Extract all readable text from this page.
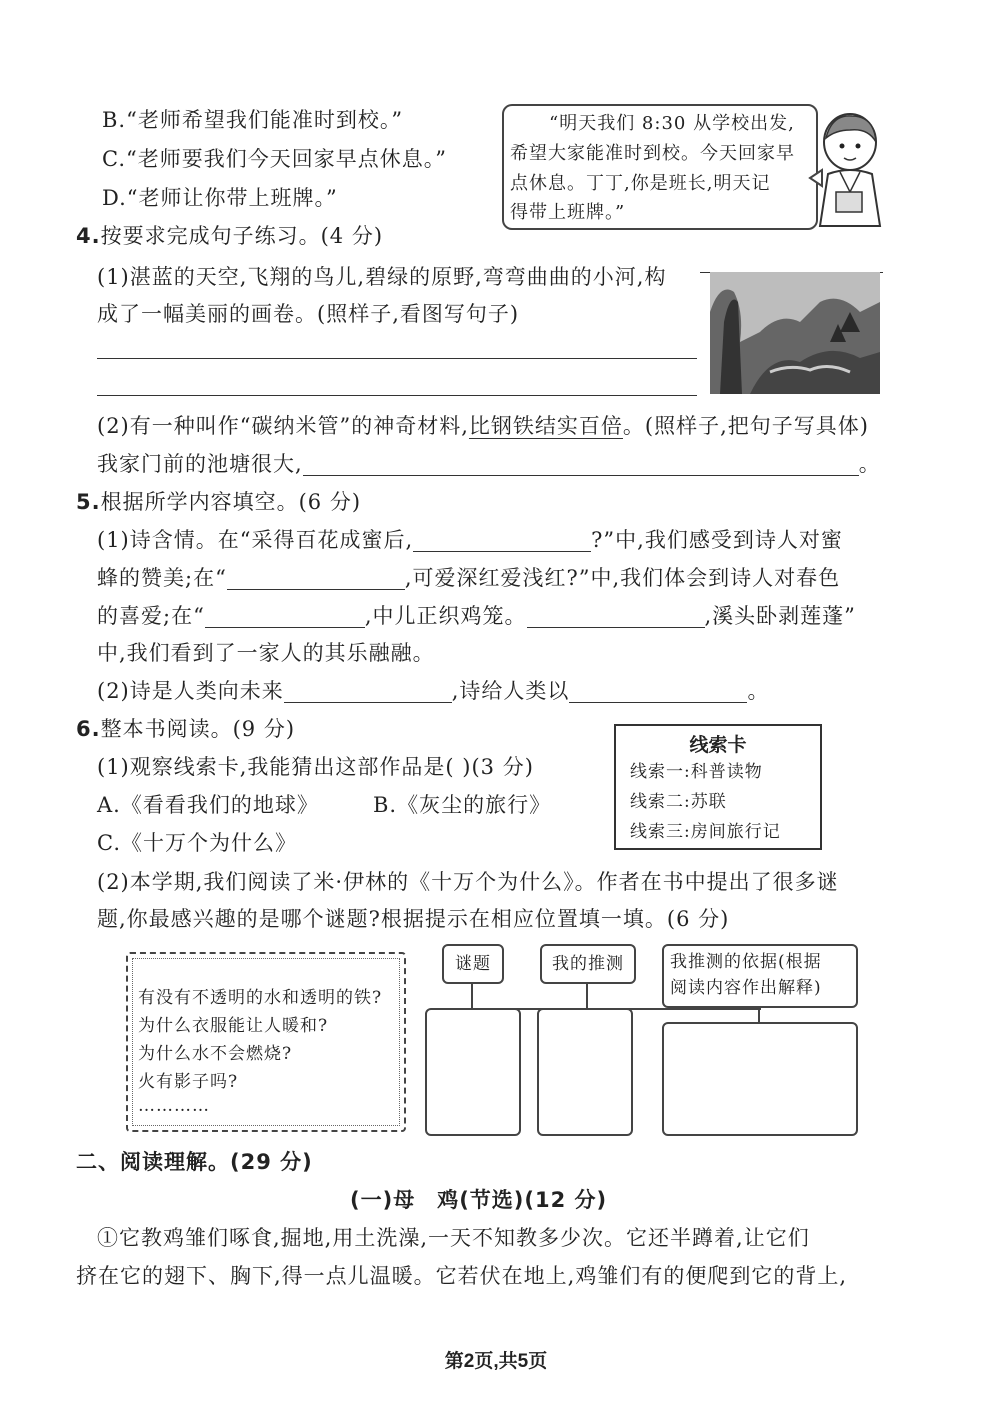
B.“老师希望我们能准时到校。”
C.“老师要我们今天回家早点休息。”
D.“老师让你带上班牌。”
“明天我们 8:30 从学校出发,
希望大家能准时到校。今天回家早
点休息。丁丁,你是班长,明天记
得带上班牌。”
4.按要求完成句子练习。(4 分)
(1)湛蓝的天空,飞翔的鸟儿,碧绿的原野,弯弯曲曲的小河,构
成了一幅美丽的画卷。(照样子,看图写句子)
(2)有一种叫作“碳纳米管”的神奇材料,比钢铁结实百倍。(照样子,把句子写具体)
我家门前的池塘很大,	。
5.根据所学内容填空。(6 分)
(1)诗含情。在“采得百花成蜜后,	?”中,我们感受到诗人对蜜
蜂的赞美;在“	,可爱深红爱浅红?”中,我们体会到诗人对春色
的喜爱;在“	,中儿正织鸡笼。	,溪头卧剥莲蓬”
中,我们看到了一家人的其乐融融。
(2)诗是人类向未来	,诗给人类以	。
6.整本书阅读。(9 分)
(1)观察线索卡,我能猜出这部作品是( )(3 分)
A.《看看我们的地球》	B.《灰尘的旅行》
C.《十万个为什么》
线索卡
线索一:科普读物
线索二:苏联
线索三:房间旅行记
(2)本学期,我们阅读了米·伊林的《十万个为什么》。作者在书中提出了很多谜
题,你最感兴趣的是哪个谜题?根据提示在相应位置填一填。(6 分)
有没有不透明的水和透明的铁?
为什么衣服能让人暖和?
为什么水不会燃烧?
火有影子吗?
…………
谜题	我的推测	我推测的依据(根据
阅读内容作出解释)
二、阅读理解。(29 分)
(一)母　鸡(节选)(12 分)
①它教鸡雏们啄食,掘地,用土洗澡,一天不知教多少次。它还半蹲着,让它们
挤在它的翅下、胸下,得一点儿温暖。它若伏在地上,鸡雏们有的便爬到它的背上,
第2页,共5页
